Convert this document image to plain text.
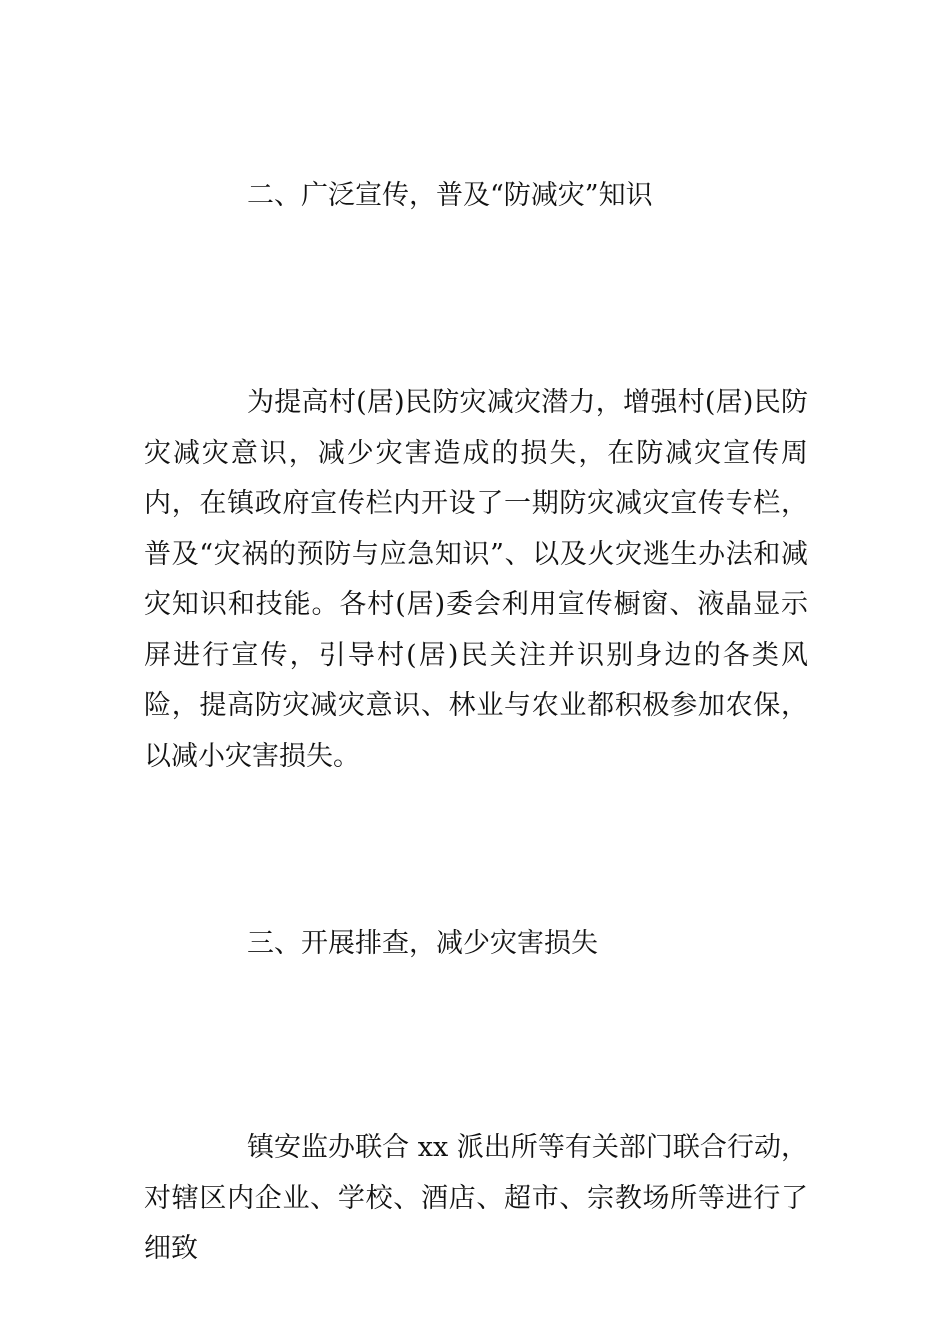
二、广泛宣传，普及“防减灾”知识

为提高村(居)民防灾减灾潜力，增强村(居)民防灾减灾意识，减少灾害造成的损失，在防减灾宣传周内，在镇政府宣传栏内开设了一期防灾减灾宣传专栏，普及“灾祸的预防与应急知识”、以及火灾逃生办法和减灾知识和技能。各村(居)委会利用宣传橱窗、液晶显示屏进行宣传，引导村(居)民关注并识别身边的各类风险，提高防灾减灾意识、林业与农业都积极参加农保，以减小灾害损失。

三、开展排查，减少灾害损失

镇安监办联合 xx 派出所等有关部门联合行动，对辖区内企业、学校、酒店、超市、宗教场所等进行了细致
